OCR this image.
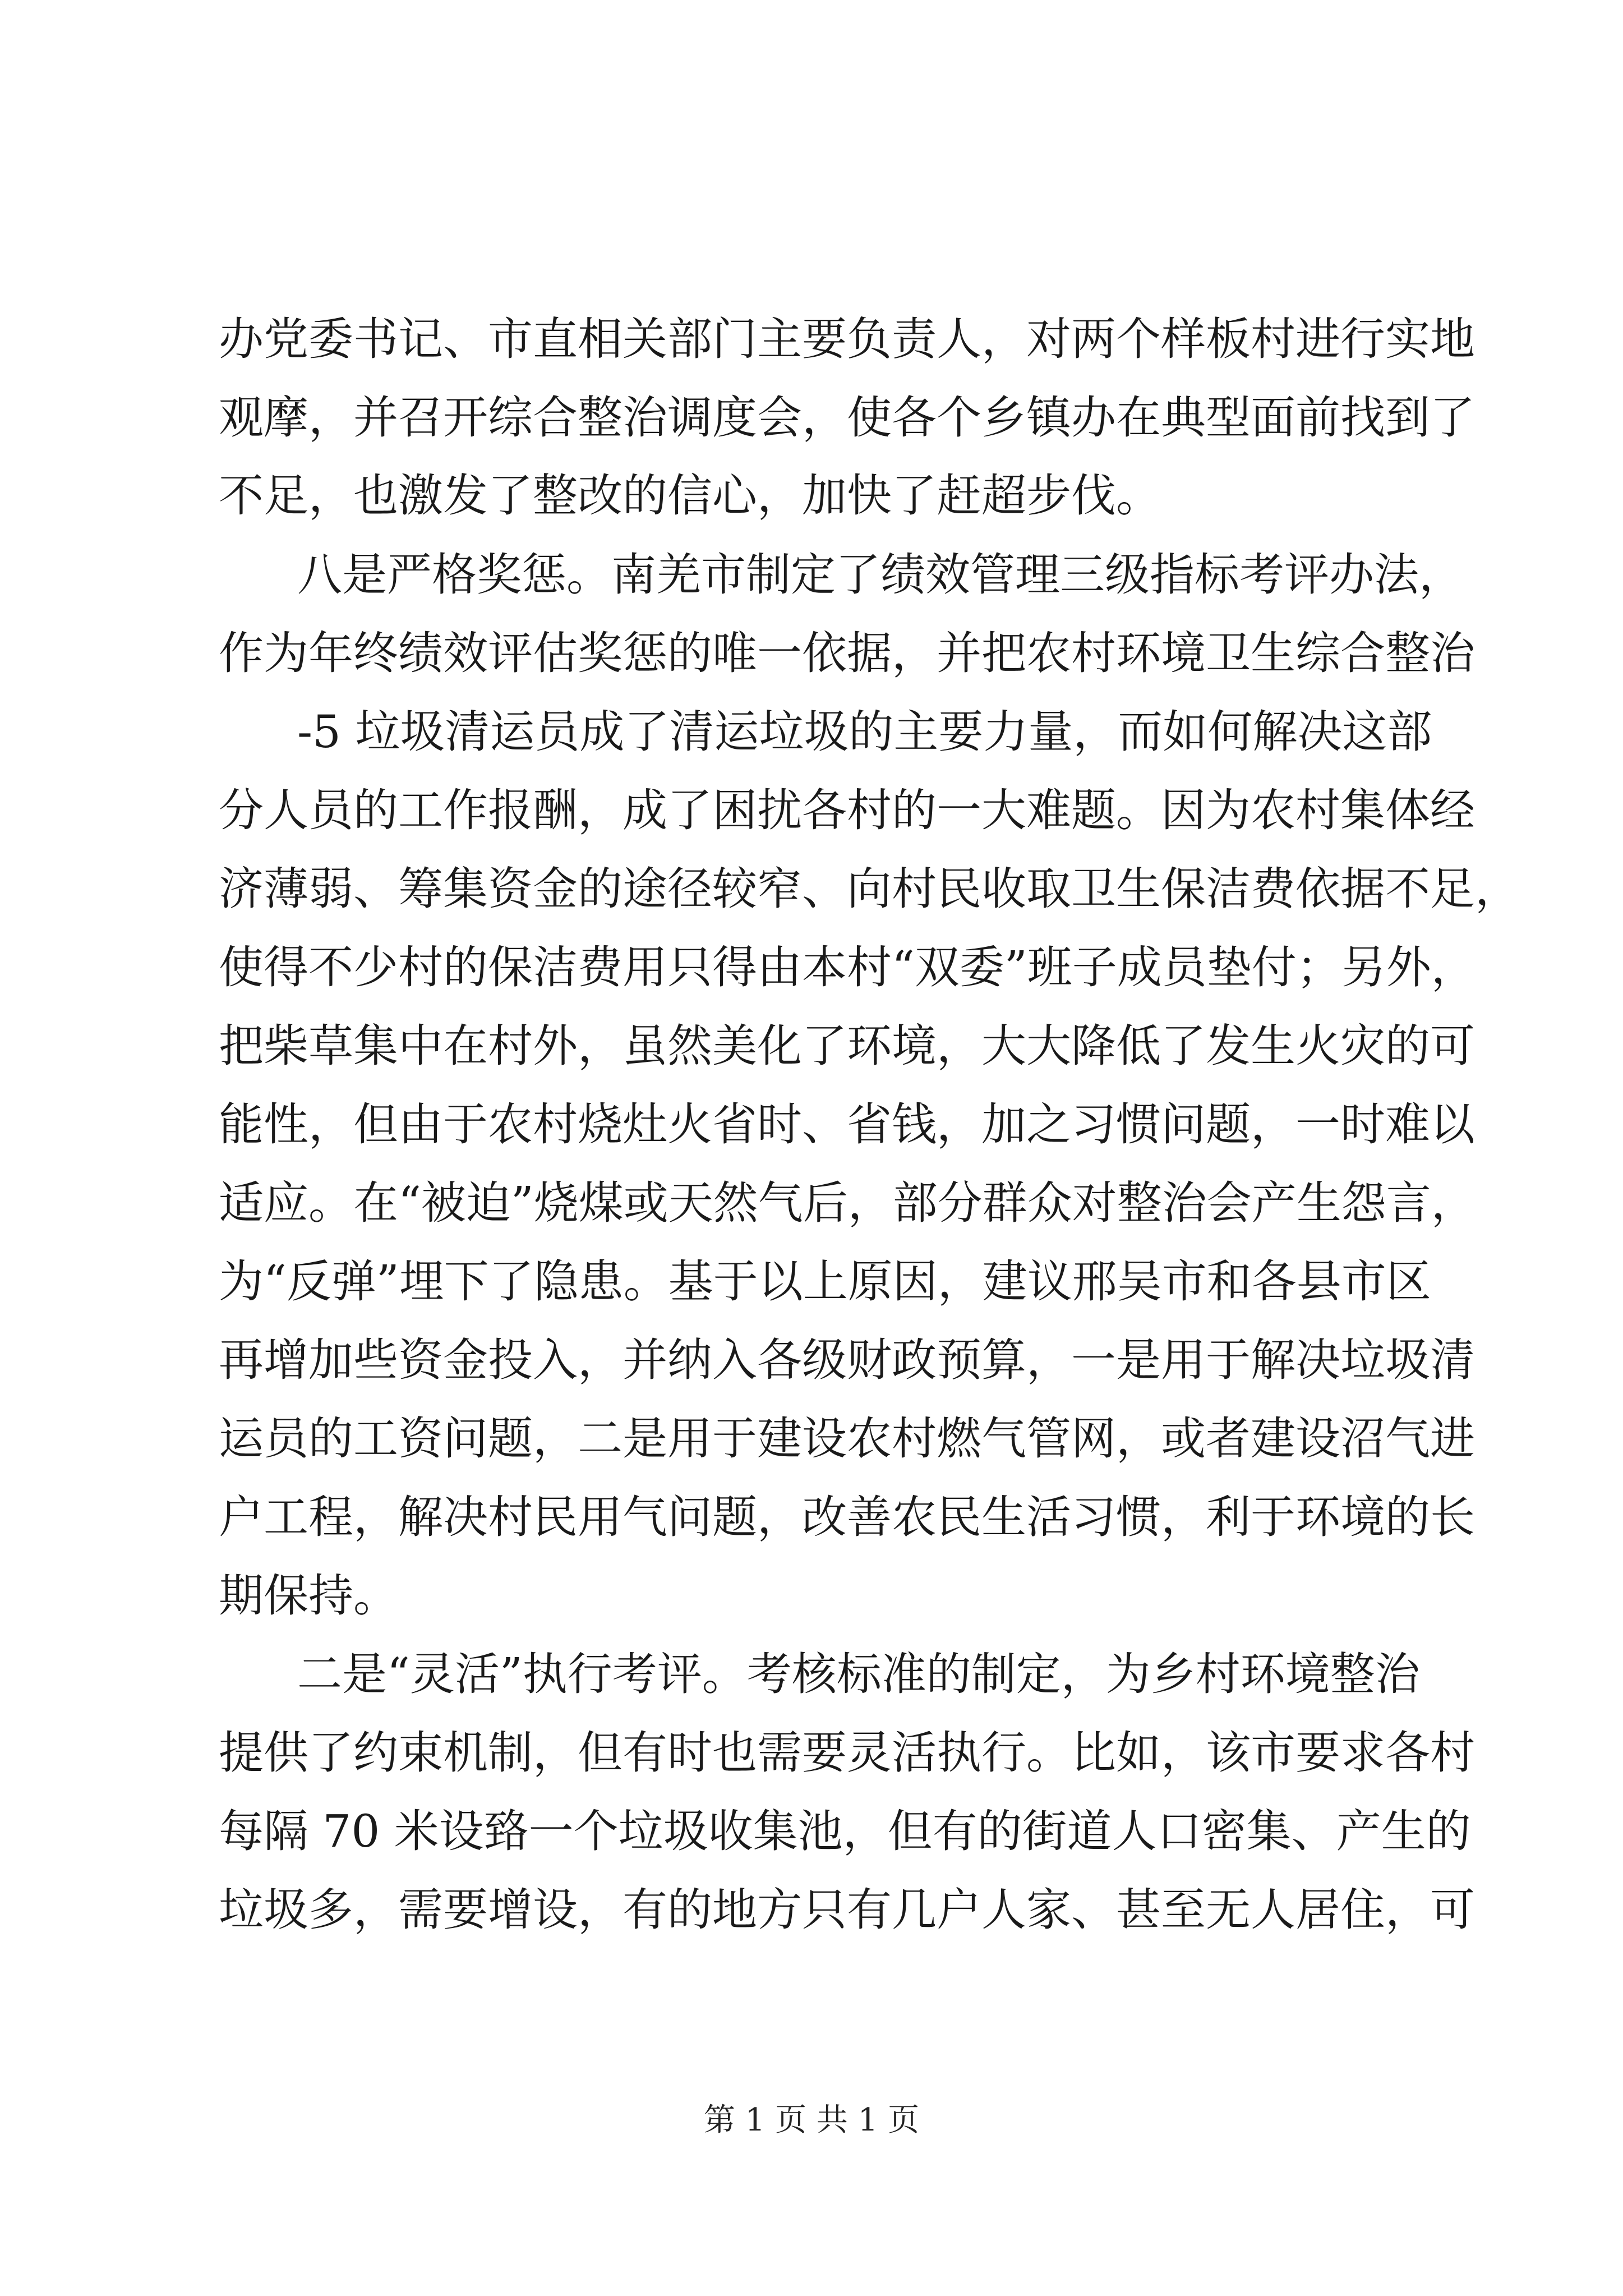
办党委书记、市直相关部门主要负责人，对两个样板村进行实地
观摩，并召开综合整治调度会，使各个乡镇办在典型面前找到了
不足，也激发了整改的信心，加快了赶超步伐。
八是严格奖惩。南羌市制定了绩效管理三级指标考评办法，
作为年终绩效评估奖惩的唯一依据，并把农村环境卫生综合整治
-5 垃圾清运员成了清运垃圾的主要力量，而如何解决这部
分人员的工作报酬，成了困扰各村的一大难题。因为农村集体经
济薄弱、筹集资金的途径较窄、向村民收取卫生保洁费依据不足，
使得不少村的保洁费用只得由本村“双委”班子成员垫付；另外，
把柴草集中在村外，虽然美化了环境，大大降低了发生火灾的可
能性，但由于农村烧灶火省时、省钱，加之习惯问题，一时难以
适应。在“被迫”烧煤或天然气后，部分群众对整治会产生怨言，
为“反弹”埋下了隐患。基于以上原因，建议邢吴市和各县市区
再增加些资金投入，并纳入各级财政预算，一是用于解决垃圾清
运员的工资问题，二是用于建设农村燃气管网，或者建设沼气进
户工程，解决村民用气问题，改善农民生活习惯，利于环境的长
期保持。
二是“灵活”执行考评。考核标准的制定，为乡村环境整治
提供了约束机制，但有时也需要灵活执行。比如，该市要求各村
每隔 70 米设臵一个垃圾收集池，但有的街道人口密集、产生的
垃圾多，需要增设，有的地方只有几户人家、甚至无人居住，可
第 1 页 共 1 页
